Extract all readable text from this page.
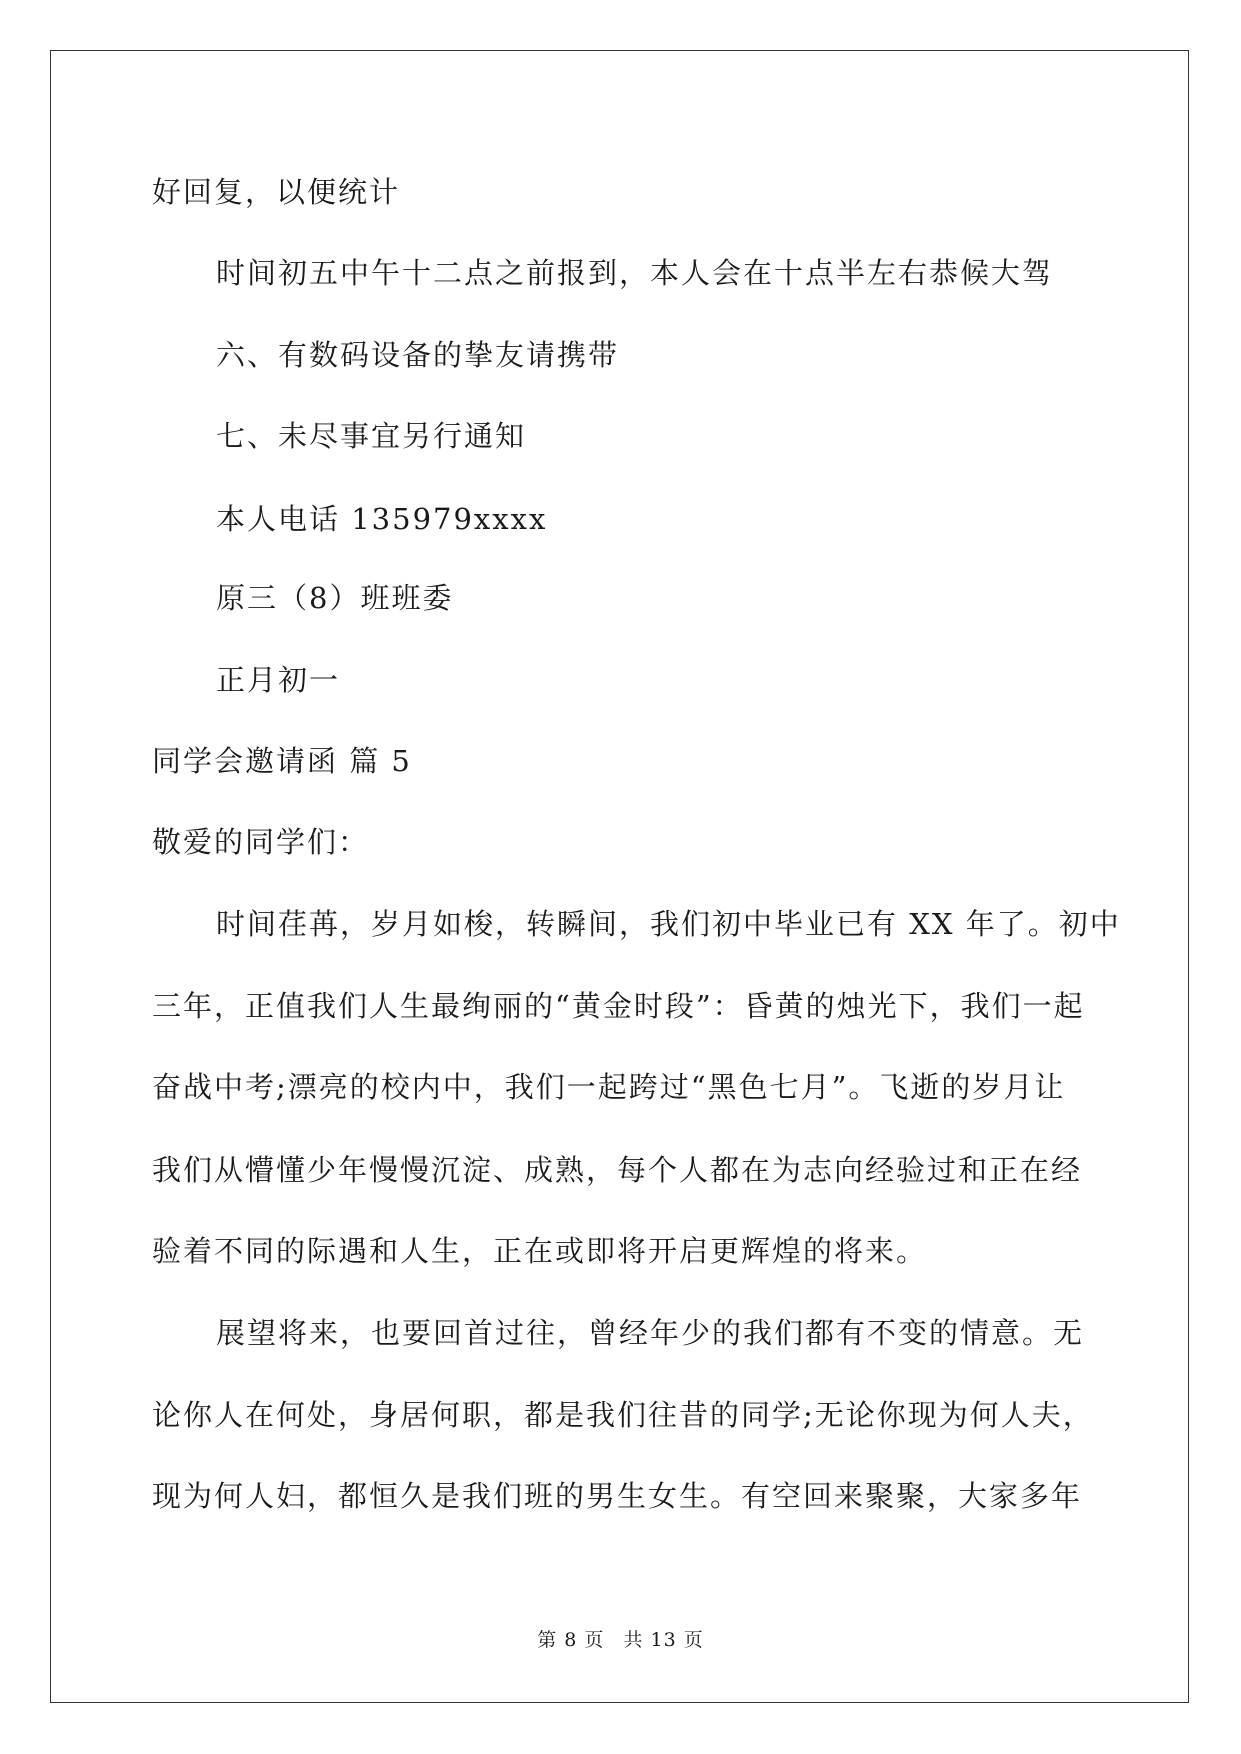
好回复，以便统计
时间初五中午十二点之前报到，本人会在十点半左右恭候大驾
六、有数码设备的挚友请携带
七、未尽事宜另行通知
本人电话 135979xxxx
原三（8）班班委
正月初一
同学会邀请函 篇 5
敬爱的同学们：
时间荏苒，岁月如梭，转瞬间，我们初中毕业已有 XX 年了。初中
三年，正值我们人生最绚丽的“黄金时段”：昏黄的烛光下，我们一起
奋战中考;漂亮的校内中，我们一起跨过“黑色七月”。飞逝的岁月让
我们从懵懂少年慢慢沉淀、成熟，每个人都在为志向经验过和正在经
验着不同的际遇和人生，正在或即将开启更辉煌的将来。
展望将来，也要回首过往，曾经年少的我们都有不变的情意。无
论你人在何处，身居何职，都是我们往昔的同学;无论你现为何人夫，
现为何人妇，都恒久是我们班的男生女生。有空回来聚聚，大家多年
第 8 页 共 13 页
